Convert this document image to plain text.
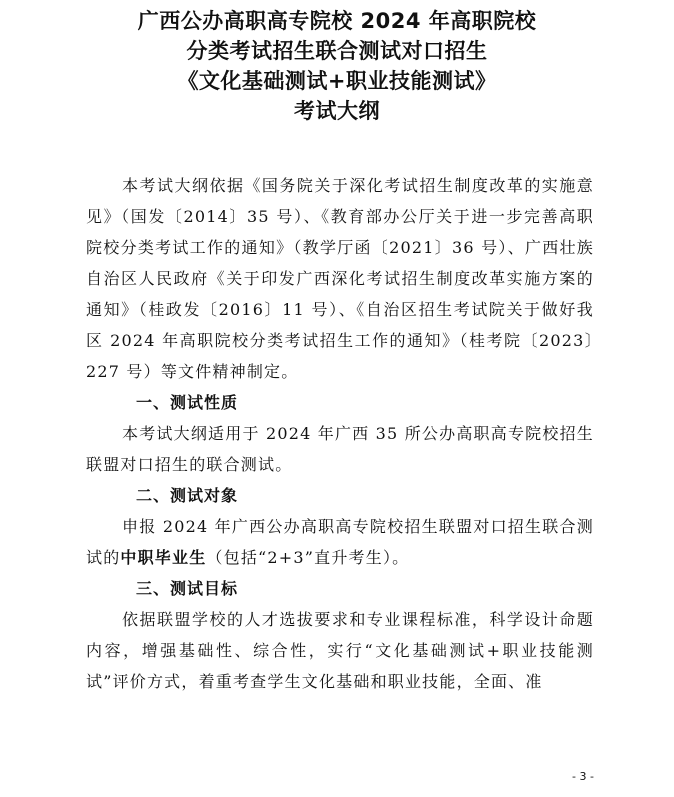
广西公办高职高专院校 2024 年高职院校
分类考试招生联合测试对口招生
《文化基础测试+职业技能测试》
考试大纲

本考试大纲依据《国务院关于深化考试招生制度改革的实施意见》（国发〔2014〕35 号）、《教育部办公厅关于进一步完善高职院校分类考试工作的通知》（教学厅函〔2021〕36 号）、广西壮族自治区人民政府《关于印发广西深化考试招生制度改革实施方案的通知》（桂政发〔2016〕11 号）、《自治区招生考试院关于做好我区 2024 年高职院校分类考试招生工作的通知》（桂考院〔2023〕227 号）等文件精神制定。

一、测试性质

本考试大纲适用于 2024 年广西 35 所公办高职高专院校招生联盟对口招生的联合测试。

二、测试对象

申报 2024 年广西公办高职高专院校招生联盟对口招生联合测试的中职毕业生（包括“2+3”直升考生）。

三、测试目标

依据联盟学校的人才选拔要求和专业课程标准，科学设计命题内容，增强基础性、综合性，实行“文化基础测试+职业技能测试”评价方式，着重考查学生文化基础和职业技能，全面、准

- 3 -
